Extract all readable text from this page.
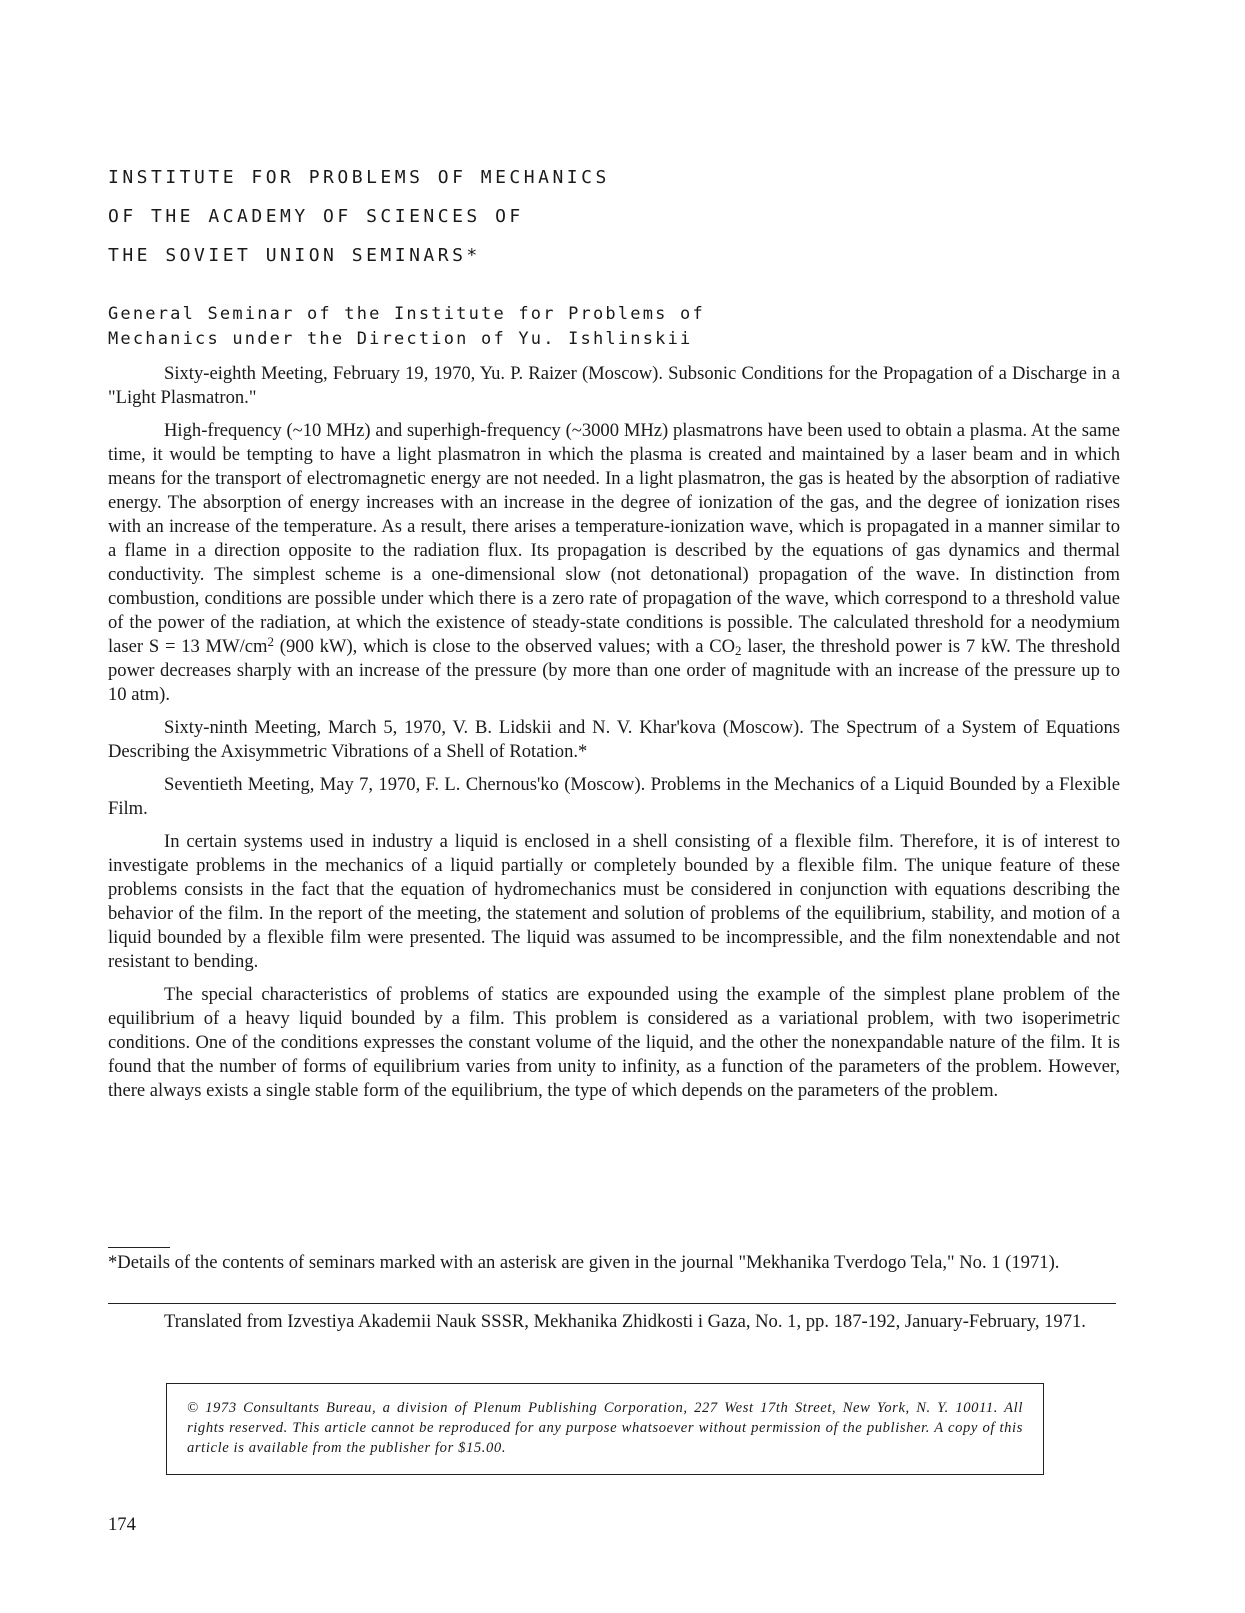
INSTITUTE FOR PROBLEMS OF MECHANICS
OF THE ACADEMY OF SCIENCES OF
THE SOVIET UNION SEMINARS*
General Seminar of the Institute for Problems of
Mechanics under the Direction of Yu. Ishlinskii

Sixty-eighth Meeting, February 19, 1970, Yu. P. Raizer (Moscow). Subsonic Conditions for the Propagation of a Discharge in a "Light Plasmatron."

High-frequency (~10 MHz) and superhigh-frequency (~3000 MHz) plasmatrons have been used to obtain a plasma. At the same time, it would be tempting to have a light plasmatron in which the plasma is created and maintained by a laser beam and in which means for the transport of electromagnetic energy are not needed. In a light plasmatron, the gas is heated by the absorption of radiative energy. The absorption of energy increases with an increase in the degree of ionization of the gas, and the degree of ionization rises with an increase of the temperature. As a result, there arises a temperature-ionization wave, which is propagated in a manner similar to a flame in a direction opposite to the radiation flux. Its propagation is described by the equations of gas dynamics and thermal conductivity. The simplest scheme is a one-dimensional slow (not detonational) propagation of the wave. In distinction from combustion, conditions are possible under which there is a zero rate of propagation of the wave, which correspond to a threshold value of the power of the radiation, at which the existence of steady-state conditions is possible. The calculated threshold for a neodymium laser S = 13 $MW/cm^2$ (900 kW), which is close to the observed values; with a $CO_2$ laser, the threshold power is 7 kW. The threshold power decreases sharply with an increase of the pressure (by more than one order of magnitude with an increase of the pressure up to 10 atm).

Sixty-ninth Meeting, March 5, 1970, V. B. Lidskii and N. V. Khar'kova (Moscow). The Spectrum of a System of Equations Describing the Axisymmetric Vibrations of a Shell of Rotation.*

Seventieth Meeting, May 7, 1970, F. L. Chernous'ko (Moscow). Problems in the Mechanics of a Liquid Bounded by a Flexible Film.

In certain systems used in industry a liquid is enclosed in a shell consisting of a flexible film. Therefore, it is of interest to investigate problems in the mechanics of a liquid partially or completely bounded by a flexible film. The unique feature of these problems consists in the fact that the equation of hydromechanics must be considered in conjunction with equations describing the behavior of the film. In the report of the meeting, the statement and solution of problems of the equilibrium, stability, and motion of a liquid bounded by a flexible film were presented. The liquid was assumed to be incompressible, and the film nonextendable and not resistant to bending.

The special characteristics of problems of statics are expounded using the example of the simplest plane problem of the equilibrium of a heavy liquid bounded by a film. This problem is considered as a variational problem, with two isoperimetric conditions. One of the conditions expresses the constant volume of the liquid, and the other the nonexpandable nature of the film. It is found that the number of forms of equilibrium varies from unity to infinity, as a function of the parameters of the problem. However, there always exists a single stable form of the equilibrium, the type of which depends on the parameters of the problem.

*Details of the contents of seminars marked with an asterisk are given in the journal "Mekhanika Tverdogo Tela," No. 1 (1971).
Translated from Izvestiya Akademii Nauk SSSR, Mekhanika Zhidkosti i Gaza, No. 1, pp. 187-192, January-February, 1971.
© 1973 Consultants Bureau, a division of Plenum Publishing Corporation, 227 West 17th Street, New York, N. Y. 10011. All rights reserved. This article cannot be reproduced for any purpose whatsoever without permission of the publisher. A copy of this article is available from the publisher for $15.00.
174
